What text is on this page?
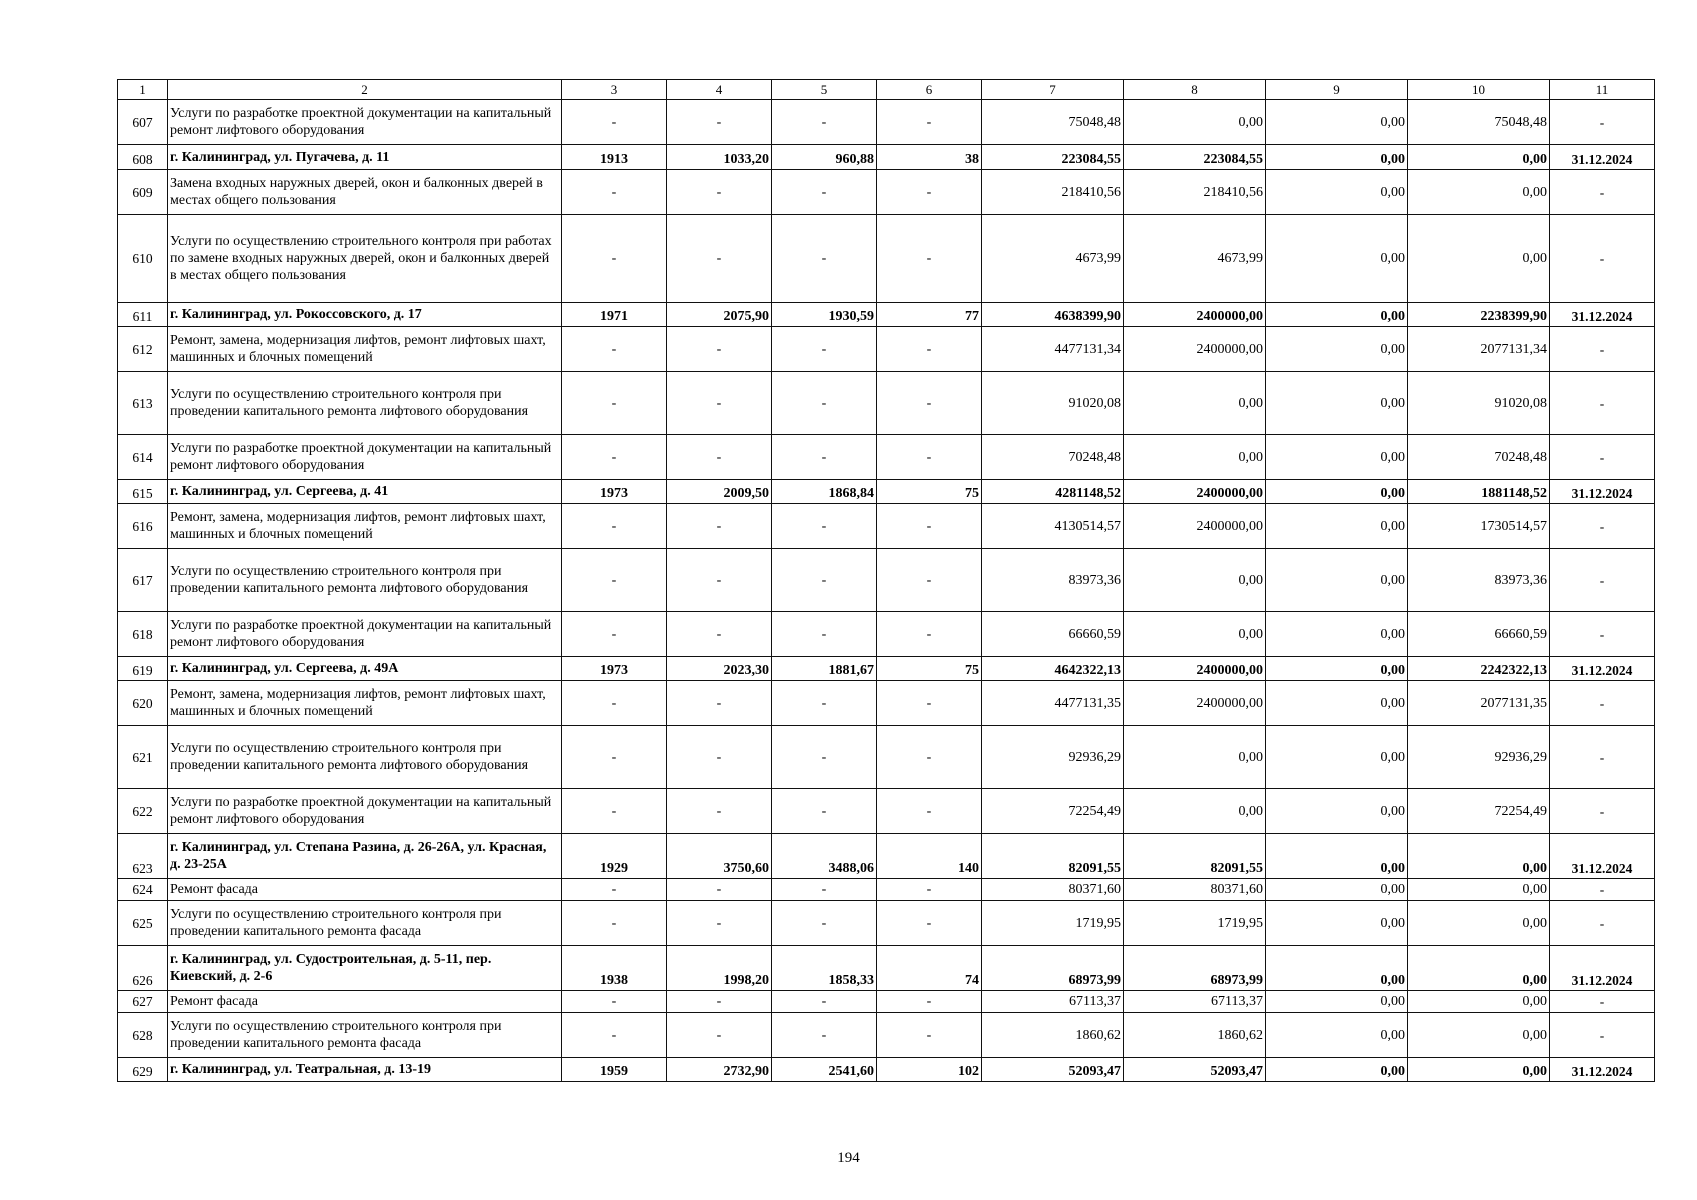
1	2	3	4	5	6	7	8	9	10	11
607	Услуги по разработке проектной документации на капитальный ремонт лифтового оборудования	-	-	-	-	75048,48	0,00	0,00	75048,48	-
608	г. Калининград, ул. Пугачева, д. 11	1913	1033,20	960,88	38	223084,55	223084,55	0,00	0,00	31.12.2024
609	Замена входных наружных дверей, окон и балконных дверей в местах общего пользования	-	-	-	-	218410,56	218410,56	0,00	0,00	-
610	Услуги по осуществлению строительного контроля при работах по замене входных наружных дверей, окон и балконных дверей в местах общего пользования	-	-	-	-	4673,99	4673,99	0,00	0,00	-
611	г. Калининград, ул. Рокоссовского, д. 17	1971	2075,90	1930,59	77	4638399,90	2400000,00	0,00	2238399,90	31.12.2024
612	Ремонт, замена, модернизация лифтов, ремонт лифтовых шахт, машинных и блочных помещений	-	-	-	-	4477131,34	2400000,00	0,00	2077131,34	-
613	Услуги по осуществлению строительного контроля при проведении капитального ремонта лифтового оборудования	-	-	-	-	91020,08	0,00	0,00	91020,08	-
614	Услуги по разработке проектной документации на капитальный ремонт лифтового оборудования	-	-	-	-	70248,48	0,00	0,00	70248,48	-
615	г. Калининград, ул. Сергеева, д. 41	1973	2009,50	1868,84	75	4281148,52	2400000,00	0,00	1881148,52	31.12.2024
616	Ремонт, замена, модернизация лифтов, ремонт лифтовых шахт, машинных и блочных помещений	-	-	-	-	4130514,57	2400000,00	0,00	1730514,57	-
617	Услуги по осуществлению строительного контроля при проведении капитального ремонта лифтового оборудования	-	-	-	-	83973,36	0,00	0,00	83973,36	-
618	Услуги по разработке проектной документации на капитальный ремонт лифтового оборудования	-	-	-	-	66660,59	0,00	0,00	66660,59	-
619	г. Калининград, ул. Сергеева, д. 49А	1973	2023,30	1881,67	75	4642322,13	2400000,00	0,00	2242322,13	31.12.2024
620	Ремонт, замена, модернизация лифтов, ремонт лифтовых шахт, машинных и блочных помещений	-	-	-	-	4477131,35	2400000,00	0,00	2077131,35	-
621	Услуги по осуществлению строительного контроля при проведении капитального ремонта лифтового оборудования	-	-	-	-	92936,29	0,00	0,00	92936,29	-
622	Услуги по разработке проектной документации на капитальный ремонт лифтового оборудования	-	-	-	-	72254,49	0,00	0,00	72254,49	-
623	г. Калининград, ул. Степана Разина, д. 26-26А, ул. Красная, д. 23-25А	1929	3750,60	3488,06	140	82091,55	82091,55	0,00	0,00	31.12.2024
624	Ремонт фасада	-	-	-	-	80371,60	80371,60	0,00	0,00	-
625	Услуги по осуществлению строительного контроля при проведении капитального ремонта фасада	-	-	-	-	1719,95	1719,95	0,00	0,00	-
626	г. Калининград, ул. Судостроительная, д. 5-11, пер. Киевский, д. 2-6	1938	1998,20	1858,33	74	68973,99	68973,99	0,00	0,00	31.12.2024
627	Ремонт фасада	-	-	-	-	67113,37	67113,37	0,00	0,00	-
628	Услуги по осуществлению строительного контроля при проведении капитального ремонта фасада	-	-	-	-	1860,62	1860,62	0,00	0,00	-
629	г. Калининград, ул. Театральная, д. 13-19	1959	2732,90	2541,60	102	52093,47	52093,47	0,00	0,00	31.12.2024
194
